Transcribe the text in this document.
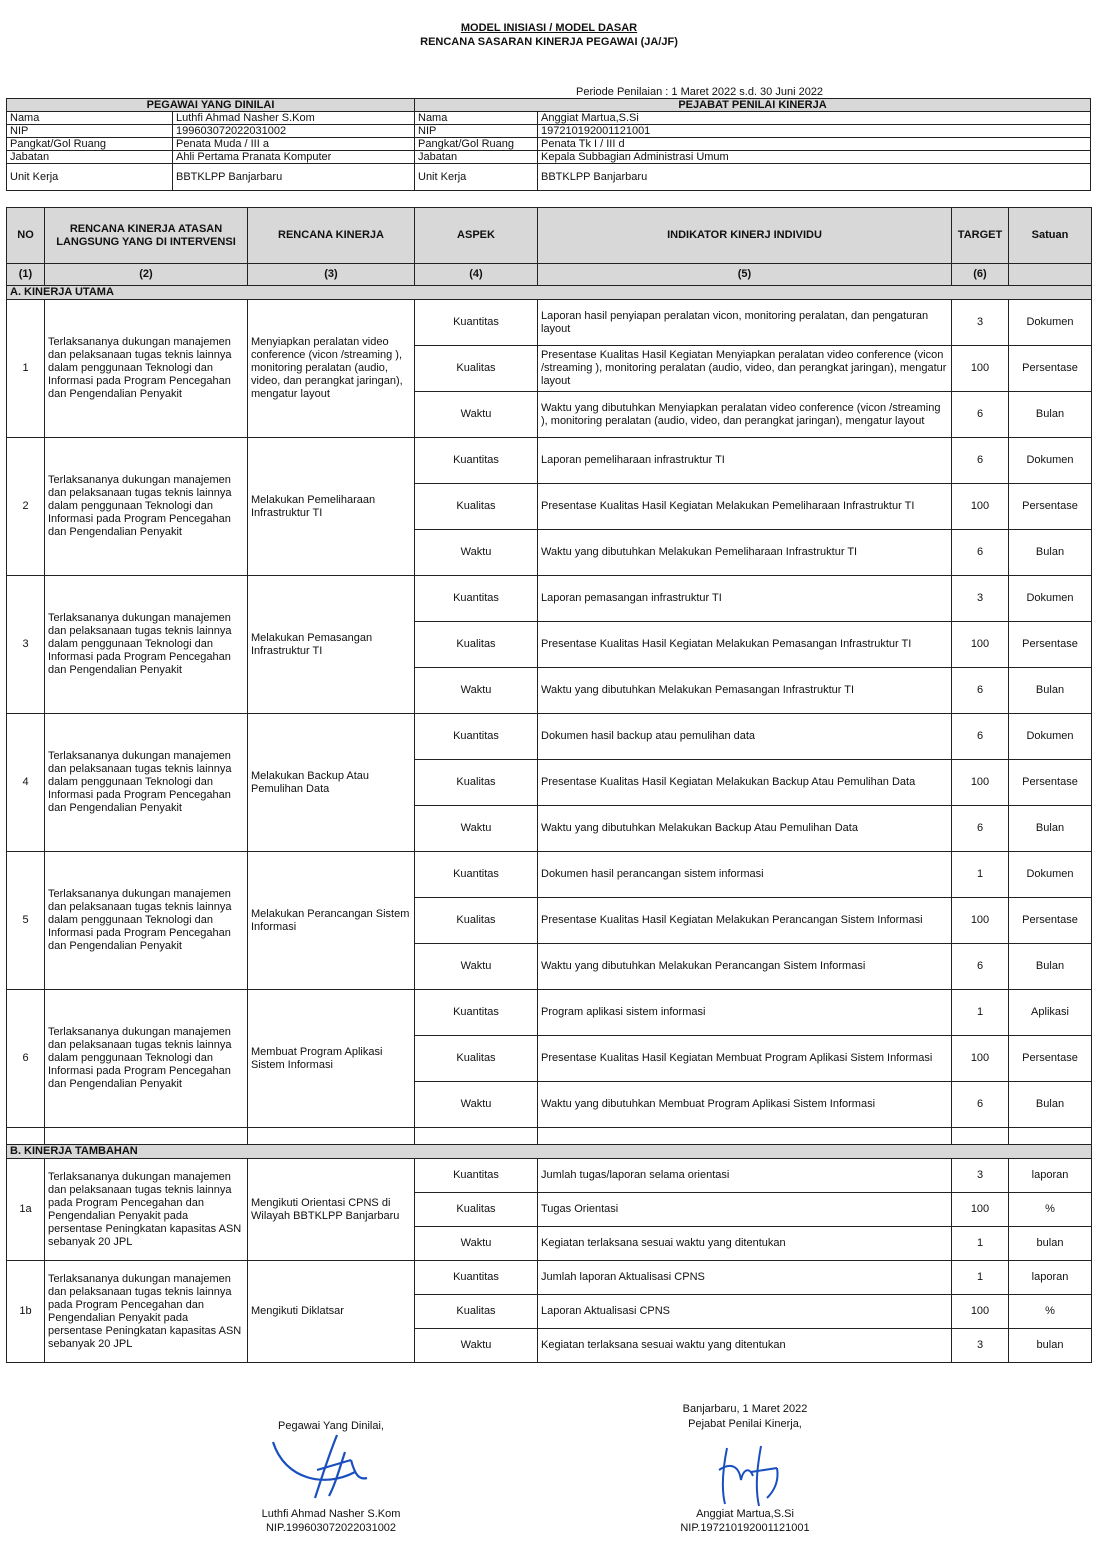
MODEL INISIASI / MODEL DASAR
RENCANA SASARAN KINERJA PEGAWAI (JA/JF)
Periode Penilaian : 1 Maret 2022 s.d. 30 Juni 2022
PEGAWAI YANG DINILAI		PEJABAT PENILAI KINERJA	
Nama	Luthfi Ahmad Nasher S.Kom	Nama	Anggiat Martua,S.Si
NIP	199603072022031002	NIP	197210192001121001
Pangkat/Gol Ruang	Penata Muda / III a	Pangkat/Gol Ruang	Penata Tk I / III d
Jabatan	Ahli Pertama Pranata Komputer	Jabatan	Kepala Subbagian Administrasi Umum
Unit Kerja	BBTKLPP Banjarbaru	Unit Kerja	BBTKLPP Banjarbaru
NO	RENCANA KINERJA ATASAN LANGSUNG YANG DI INTERVENSI	RENCANA KINERJA	ASPEK	INDIKATOR KINERJ INDIVIDU	TARGET	Satuan
(1)	(2)	(3)	(4)	(5)	(6)	
A. KINERJA UTAMA						
1	Terlaksananya dukungan manajemen dan pelaksanaan tugas teknis lainnya dalam penggunaan Teknologi dan Informasi pada Program Pencegahan dan Pengendalian Penyakit	Menyiapkan peralatan video conference (vicon /streaming ), monitoring peralatan (audio, video, dan perangkat jaringan), mengatur layout	Kuantitas	Laporan hasil penyiapan peralatan vicon, monitoring peralatan, dan pengaturan layout	3	Dokumen
			Kualitas	Presentase Kualitas Hasil Kegiatan Menyiapkan peralatan video conference (vicon /streaming ), monitoring peralatan (audio, video, dan perangkat jaringan), mengatur layout	100	Persentase
			Waktu	Waktu yang dibutuhkan Menyiapkan peralatan video conference (vicon /streaming ), monitoring peralatan (audio, video, dan perangkat jaringan), mengatur layout	6	Bulan
2	Terlaksananya dukungan manajemen dan pelaksanaan tugas teknis lainnya dalam penggunaan Teknologi dan Informasi pada Program Pencegahan dan Pengendalian Penyakit	Melakukan Pemeliharaan Infrastruktur TI	Kuantitas	Laporan pemeliharaan infrastruktur TI	6	Dokumen
			Kualitas	Presentase Kualitas Hasil Kegiatan Melakukan Pemeliharaan Infrastruktur TI	100	Persentase
			Waktu	Waktu yang dibutuhkan Melakukan Pemeliharaan Infrastruktur TI	6	Bulan
3	Terlaksananya dukungan manajemen dan pelaksanaan tugas teknis lainnya dalam penggunaan Teknologi dan Informasi pada Program Pencegahan dan Pengendalian Penyakit	Melakukan Pemasangan Infrastruktur TI	Kuantitas	Laporan pemasangan infrastruktur TI	3	Dokumen
			Kualitas	Presentase Kualitas Hasil Kegiatan Melakukan Pemasangan Infrastruktur TI	100	Persentase
			Waktu	Waktu yang dibutuhkan Melakukan Pemasangan Infrastruktur TI	6	Bulan
4	Terlaksananya dukungan manajemen dan pelaksanaan tugas teknis lainnya dalam penggunaan Teknologi dan Informasi pada Program Pencegahan dan Pengendalian Penyakit	Melakukan Backup Atau Pemulihan Data	Kuantitas	Dokumen hasil backup atau pemulihan data	6	Dokumen
			Kualitas	Presentase Kualitas Hasil Kegiatan Melakukan Backup Atau Pemulihan Data	100	Persentase
			Waktu	Waktu yang dibutuhkan Melakukan Backup Atau Pemulihan Data	6	Bulan
5	Terlaksananya dukungan manajemen dan pelaksanaan tugas teknis lainnya dalam penggunaan Teknologi dan Informasi pada Program Pencegahan dan Pengendalian Penyakit	Melakukan Perancangan Sistem Informasi	Kuantitas	Dokumen hasil perancangan sistem informasi	1	Dokumen
			Kualitas	Presentase Kualitas Hasil Kegiatan Melakukan Perancangan Sistem Informasi	100	Persentase
			Waktu	Waktu yang dibutuhkan Melakukan Perancangan Sistem Informasi	6	Bulan
6	Terlaksananya dukungan manajemen dan pelaksanaan tugas teknis lainnya dalam penggunaan Teknologi dan Informasi pada Program Pencegahan dan Pengendalian Penyakit	Membuat Program Aplikasi Sistem Informasi	Kuantitas	Program aplikasi sistem informasi	1	Aplikasi
			Kualitas	Presentase Kualitas Hasil Kegiatan Membuat Program Aplikasi Sistem Informasi	100	Persentase
			Waktu	Waktu yang dibutuhkan Membuat Program Aplikasi Sistem Informasi	6	Bulan

B. KINERJA TAMBAHAN						
1a	Terlaksananya dukungan manajemen dan pelaksanaan tugas teknis lainnya pada Program Pencegahan dan Pengendalian Penyakit pada persentase Peningkatan kapasitas ASN sebanyak 20 JPL	Mengikuti Orientasi CPNS di Wilayah BBTKLPP Banjarbaru	Kuantitas	Jumlah tugas/laporan selama orientasi	3	laporan
			Kualitas	Tugas Orientasi	100	%
			Waktu	Kegiatan terlaksana sesuai waktu yang ditentukan	1	bulan
1b	Terlaksananya dukungan manajemen dan pelaksanaan tugas teknis lainnya pada Program Pencegahan dan Pengendalian Penyakit pada persentase Peningkatan kapasitas ASN sebanyak 20 JPL	Mengikuti Diklatsar	Kuantitas	Jumlah laporan Aktualisasi CPNS	1	laporan
			Kualitas	Laporan Aktualisasi CPNS	100	%
			Waktu	Kegiatan terlaksana sesuai waktu yang ditentukan	3	bulan
Pegawai Yang Dinilai,
Luthfi Ahmad Nasher S.Kom
NIP.199603072022031002
Banjarbaru, 1 Maret 2022
Pejabat Penilai Kinerja,
Anggiat Martua,S.Si
NIP.197210192001121001
